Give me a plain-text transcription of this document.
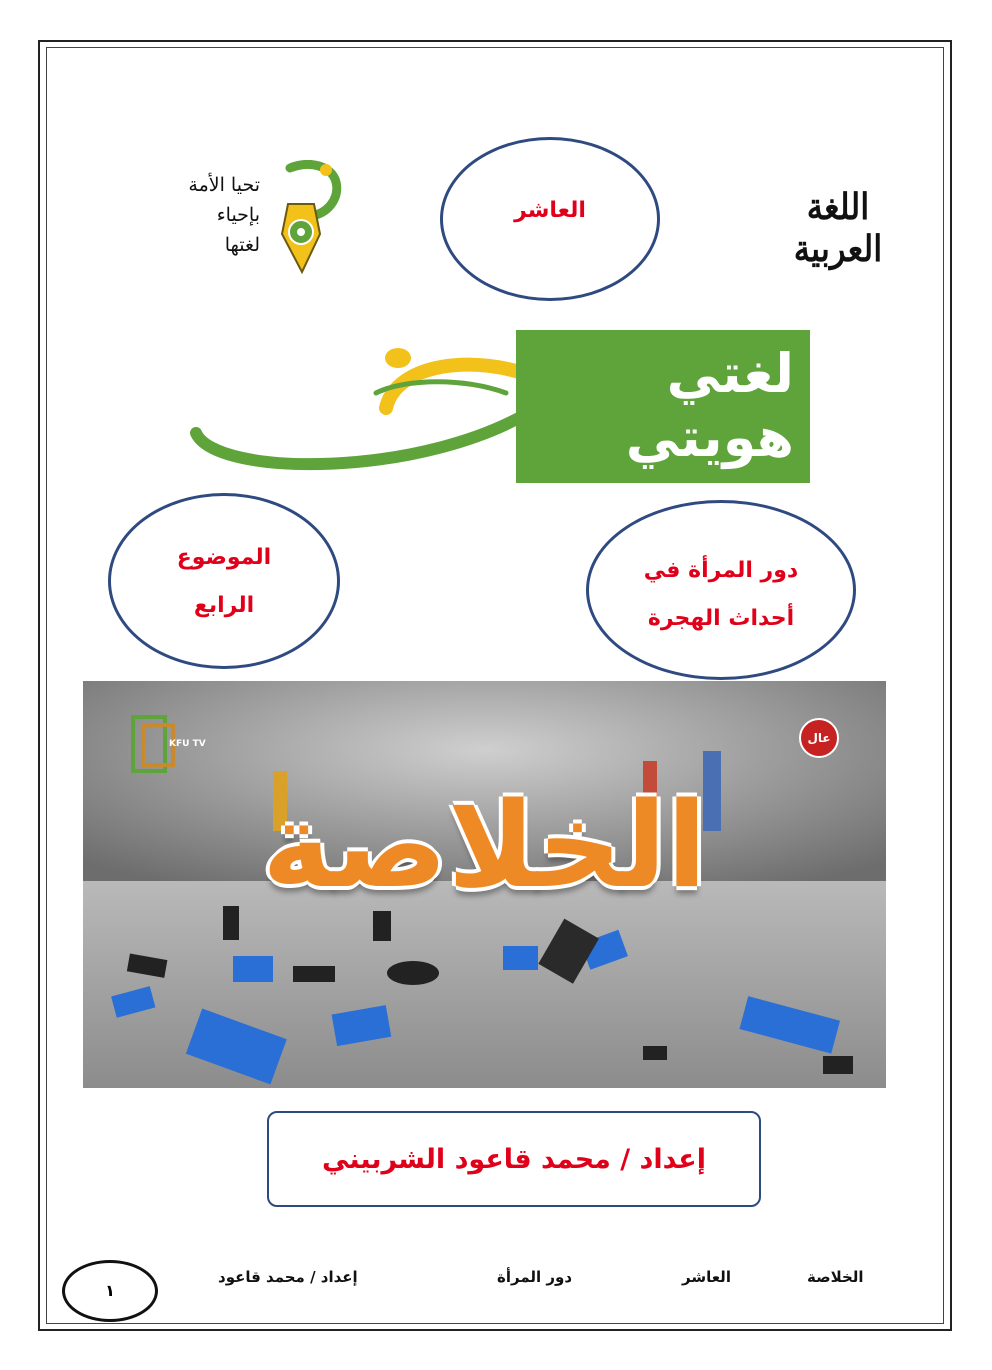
اللغة العربية
العاشر
تحيا الأمة
بإحياء
لغتها
لغتي
هويتي
الموضوع
الرابع
دور المرأة في
أحداث الهجرة
KFU TV	عال
الخلاصة
إعداد / محمد قاعود الشربيني
الخلاصة
العاشر
دور المرأة
إعداد / محمد قاعود
١
